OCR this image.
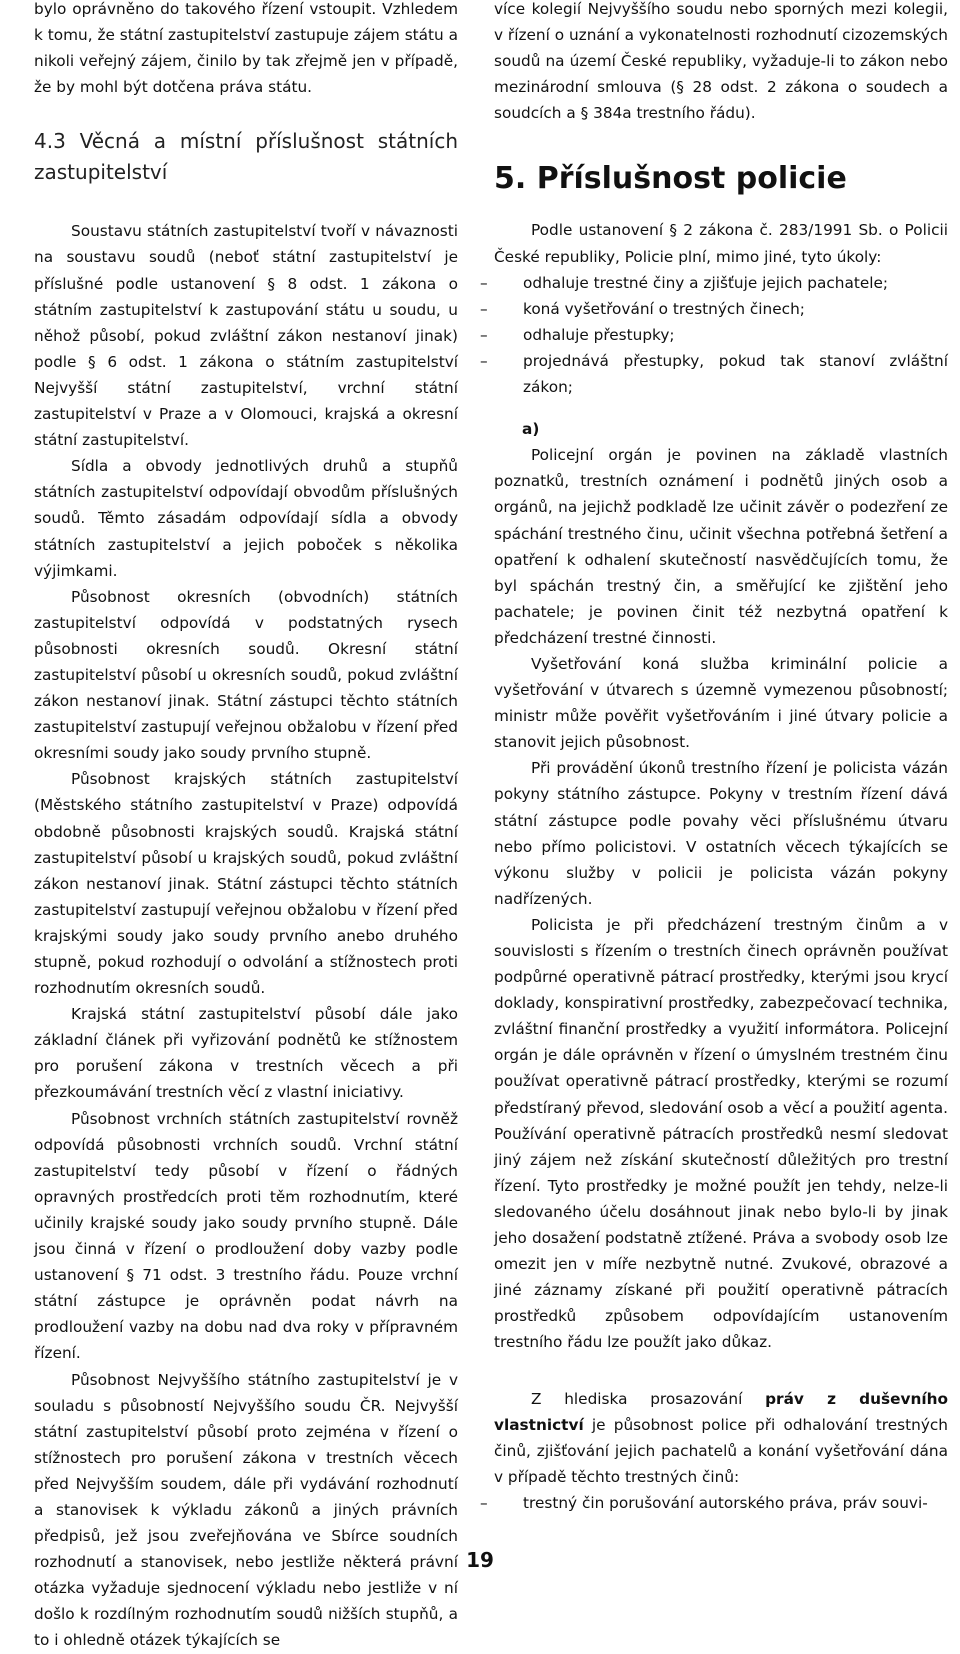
bylo oprávněno do takového řízení vstoupit. Vzhledem k tomu, že státní zastupitelství zastupuje zájem státu a nikoli veřejný zájem, činilo by tak zřejmě jen v případě, že by mohl být dotčena práva státu.

4.3 Věcná a místní příslušnost státních zastupitelství

Soustavu státních zastupitelství tvoří v návaznosti na soustavu soudů (neboť státní zastupitelství je příslušné podle ustanovení § 8 odst. 1 zákona o státním zastupitelství k zastupování státu u soudu, u něhož působí, pokud zvláštní zákon nestanoví jinak) podle § 6 odst. 1 zákona o státním zastupitelství Nejvyšší státní zastupitelství, vrchní státní zastupitelství v Praze a v Olomouci, krajská a okresní státní zastupitelství.

Sídla a obvody jednotlivých druhů a stupňů státních zastupitelství odpovídají obvodům příslušných soudů. Těmto zásadám odpovídají sídla a obvody státních zastupitelství a jejich poboček s několika výjimkami.

Působnost okresních (obvodních) státních zastupitelství odpovídá v podstatných rysech působnosti okresních soudů. Okresní státní zastupitelství působí u okresních soudů, pokud zvláštní zákon nestanoví jinak. Státní zástupci těchto státních zastupitelství zastupují veřejnou obžalobu v řízení před okresními soudy jako soudy prvního stupně.

Působnost krajských státních zastupitelství (Městského státního zastupitelství v Praze) odpovídá obdobně působnosti krajských soudů. Krajská státní zastupitelství působí u krajských soudů, pokud zvláštní zákon nestanoví jinak. Státní zástupci těchto státních zastupitelství zastupují veřejnou obžalobu v řízení před krajskými soudy jako soudy prvního anebo druhého stupně, pokud rozhodují o odvolání a stížnostech proti rozhodnutím okresních soudů.

Krajská státní zastupitelství působí dále jako základní článek při vyřizování podnětů ke stížnostem pro porušení zákona v trestních věcech a při přezkoumávání trestních věcí z vlastní iniciativy.

Působnost vrchních státních zastupitelství rovněž odpovídá působnosti vrchních soudů. Vrchní státní zastupitelství tedy působí v řízení o řádných opravných prostředcích proti těm rozhodnutím, které učinily krajské soudy jako soudy prvního stupně. Dále jsou činná v řízení o prodloužení doby vazby podle ustanovení § 71 odst. 3 trestního řádu. Pouze vrchní státní zástupce je oprávněn podat návrh na prodloužení vazby na dobu nad dva roky v přípravném řízení.

Působnost Nejvyššího státního zastupitelství je v souladu s působností Nejvyššího soudu ČR. Nejvyšší státní zastupitelství působí proto zejména v řízení o stížnostech pro porušení zákona v trestních věcech před Nejvyšším soudem, dále při vydávání rozhodnutí a stanovisek k výkladu zákonů a jiných právních předpisů, jež jsou zveřejňována ve Sbírce soudních rozhodnutí a stanovisek, nebo jestliže některá právní otázka vyžaduje sjednocení výkladu nebo jestliže v ní došlo k rozdílným rozhodnutím soudů nižších stupňů, a to i ohledně otázek týkajících se

více kolegií Nejvyššího soudu nebo sporných mezi kolegii, v řízení o uznání a vykonatelnosti rozhodnutí cizozemských soudů na území České republiky, vyžaduje-li to zákon nebo mezinárodní smlouva (§ 28 odst. 2 zákona o soudech a soudcích a § 384a trestního řádu).

5. Příslušnost policie

Podle ustanovení § 2 zákona č. 283/1991 Sb. o Policii České republiky, Policie plní, mimo jiné, tyto úkoly:

– odhaluje trestné činy a zjišťuje jejich pachatele;
– koná vyšetřování o trestných činech;
– odhaluje přestupky;
– projednává přestupky, pokud tak stanoví zvláštní zákon;
a)

Policejní orgán je povinen na základě vlastních poznatků, trestních oznámení i podnětů jiných osob a orgánů, na jejichž podkladě lze učinit závěr o podezření ze spáchání trestného činu, učinit všechna potřebná šetření a opatření k odhalení skutečností nasvědčujících tomu, že byl spáchán trestný čin, a směřující ke zjištění jeho pachatele; je povinen činit též nezbytná opatření k předcházení trestné činnosti.

Vyšetřování koná služba kriminální policie a vyšetřování v útvarech s územně vymezenou působností; ministr může pověřit vyšetřováním i jiné útvary policie a stanovit jejich působnost.

Při provádění úkonů trestního řízení je policista vázán pokyny státního zástupce. Pokyny v trestním řízení dává státní zástupce podle povahy věci příslušnému útvaru nebo přímo policistovi. V ostatních věcech týkajících se výkonu služby v policii je policista vázán pokyny nadřízených.

Policista je při předcházení trestným činům a v souvislosti s řízením o trestních činech oprávněn používat podpůrné operativně pátrací prostředky, kterými jsou krycí doklady, konspirativní prostředky, zabezpečovací technika, zvláštní finanční prostředky a využití informátora. Policejní orgán je dále oprávněn v řízení o úmyslném trestném činu používat operativně pátrací prostředky, kterými se rozumí předstíraný převod, sledování osob a věcí a použití agenta. Používání operativně pátracích prostředků nesmí sledovat jiný zájem než získání skutečností důležitých pro trestní řízení. Tyto prostředky je možné použít jen tehdy, nelze-li sledovaného účelu dosáhnout jinak nebo bylo-li by jinak jeho dosažení podstatně ztížené. Práva a svobody osob lze omezit jen v míře nezbytně nutné. Zvukové, obrazové a jiné záznamy získané při použití operativně pátracích prostředků způsobem odpovídajícím ustanovením trestního řádu lze použít jako důkaz.

Z hlediska prosazování práv z duševního vlastnictví je působnost police při odhalování trestných činů, zjišťování jejich pachatelů a konání vyšetřování dána v případě těchto trestných činů:

– trestný čin porušování autorského práva, práv souvi-
19
